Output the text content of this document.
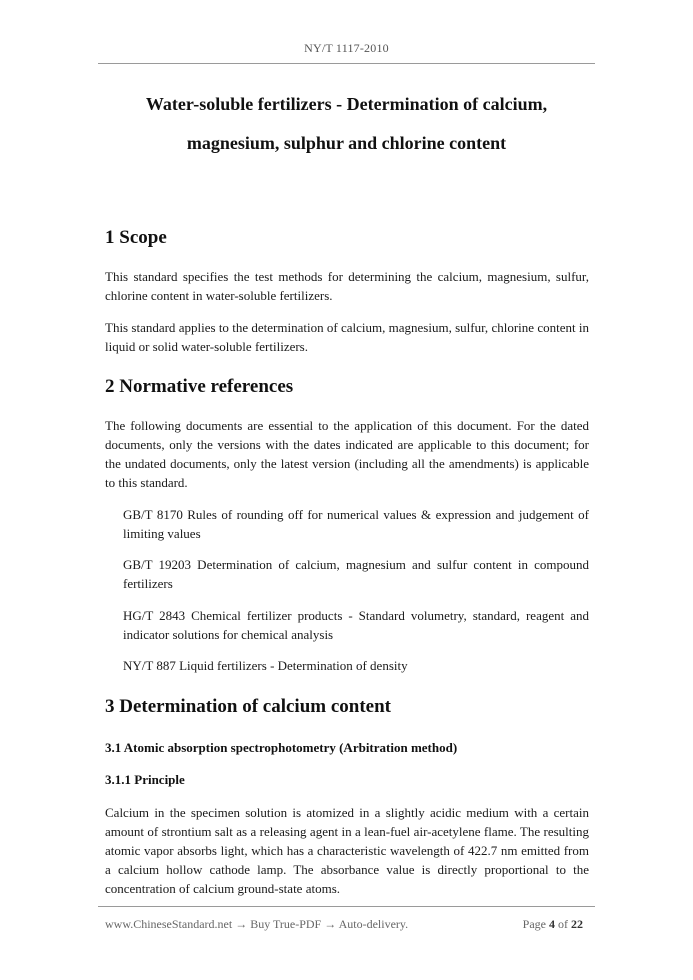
NY/T 1117-2010
Water-soluble fertilizers - Determination of calcium,
magnesium, sulphur and chlorine content
1 Scope

This standard specifies the test methods for determining the calcium, magnesium, sulfur, chlorine content in water-soluble fertilizers.

This standard applies to the determination of calcium, magnesium, sulfur, chlorine content in liquid or solid water-soluble fertilizers.

2 Normative references

The following documents are essential to the application of this document. For the dated documents, only the versions with the dates indicated are applicable to this document; for the undated documents, only the latest version (including all the amendments) is applicable to this standard.

GB/T 8170 Rules of rounding off for numerical values & expression and judgement of limiting values

GB/T 19203 Determination of calcium, magnesium and sulfur content in compound fertilizers

HG/T 2843 Chemical fertilizer products - Standard volumetry, standard, reagent and indicator solutions for chemical analysis

NY/T 887 Liquid fertilizers - Determination of density

3 Determination of calcium content
3.1 Atomic absorption spectrophotometry (Arbitration method)
3.1.1 Principle

Calcium in the specimen solution is atomized in a slightly acidic medium with a certain amount of strontium salt as a releasing agent in a lean-fuel air-acetylene flame. The resulting atomic vapor absorbs light, which has a characteristic wavelength of 422.7 nm emitted from a calcium hollow cathode lamp. The absorbance value is directly proportional to the concentration of calcium ground-state atoms.

www.ChineseStandard.net → Buy True-PDF → Auto-delivery.	Page 4 of 22
